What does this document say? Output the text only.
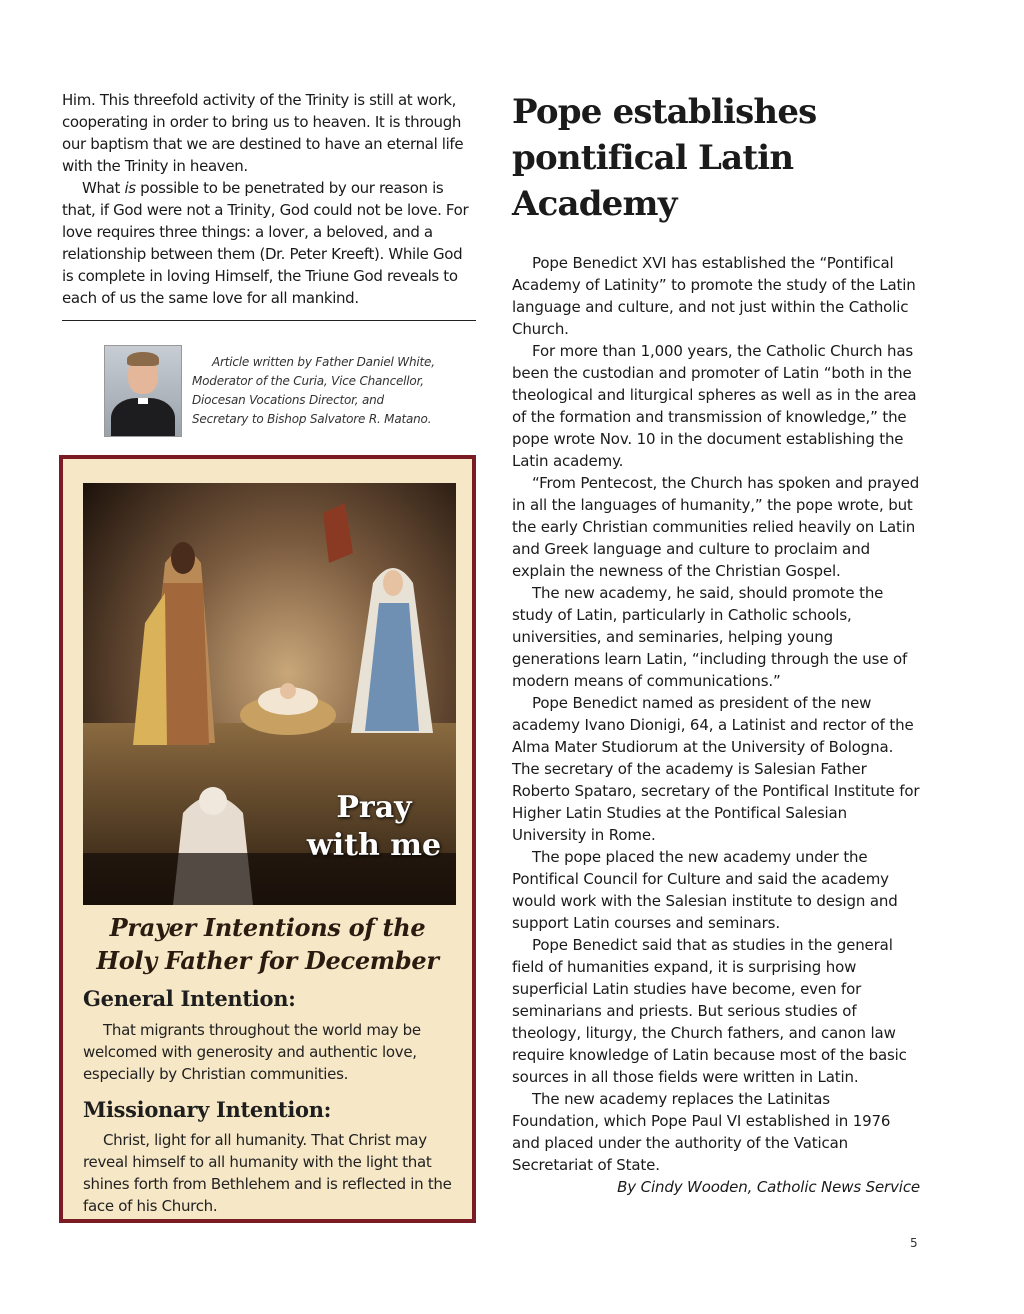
Him. This threefold activity of the Trinity is still at work, cooperating in order to bring us to heaven. It is through our baptism that we are destined to have an eternal life with the Trinity in heaven.

What is possible to be penetrated by our reason is that, if God were not a Trinity, God could not be love. For love requires three things: a lover, a beloved, and a relationship between them (Dr. Peter Kreeft). While God is complete in loving Himself, the Triune God reveals to each of us the same love for all mankind.

Article written by Father Daniel White, Moderator of the Curia, Vice Chancellor, Diocesan Vocations Director, and Secretary to Bishop Salvatore R. Matano.
Pray
with me
Prayer Intentions of the
Holy Father for December
General Intention:
That migrants throughout the world may be welcomed with generosity and authentic love, especially by Christian communities.
Missionary Intention:
Christ, light for all humanity. That Christ may reveal himself to all humanity with the light that shines forth from Bethlehem and is reflected in the face of his Church.
Pope establishes
pontifical Latin Academy

Pope Benedict XVI has established the “Pontifical Academy of Latinity” to promote the study of the Latin language and culture, and not just within the Catholic Church.

For more than 1,000 years, the Catholic Church has been the custodian and promoter of Latin “both in the theological and liturgical spheres as well as in the area of the formation and transmission of knowledge,” the pope wrote Nov. 10 in the document establishing the Latin academy.

“From Pentecost, the Church has spoken and prayed in all the languages of humanity,” the pope wrote, but the early Christian communities relied heavily on Latin and Greek language and culture to proclaim and explain the newness of the Christian Gospel.

The new academy, he said, should promote the study of Latin, particularly in Catholic schools, universities, and seminaries, helping young generations learn Latin, “including through the use of modern means of communications.”

Pope Benedict named as president of the new academy Ivano Dionigi, 64, a Latinist and rector of the Alma Mater Studiorum at the University of Bologna. The secretary of the academy is Salesian Father Roberto Spataro, secretary of the Pontifical Institute for Higher Latin Studies at the Pontifical Salesian University in Rome.

The pope placed the new academy under the Pontifical Council for Culture and said the academy would work with the Salesian institute to design and support Latin courses and seminars.

Pope Benedict said that as studies in the general field of humanities expand, it is surprising how superficial Latin studies have become, even for seminarians and priests. But serious studies of theology, liturgy, the Church fathers, and canon law require knowledge of Latin because most of the basic sources in all those fields were written in Latin.

The new academy replaces the Latinitas Foundation, which Pope Paul VI established in 1976 and placed under the authority of the Vatican Secretariat of State.

By Cindy Wooden, Catholic News Service

5
